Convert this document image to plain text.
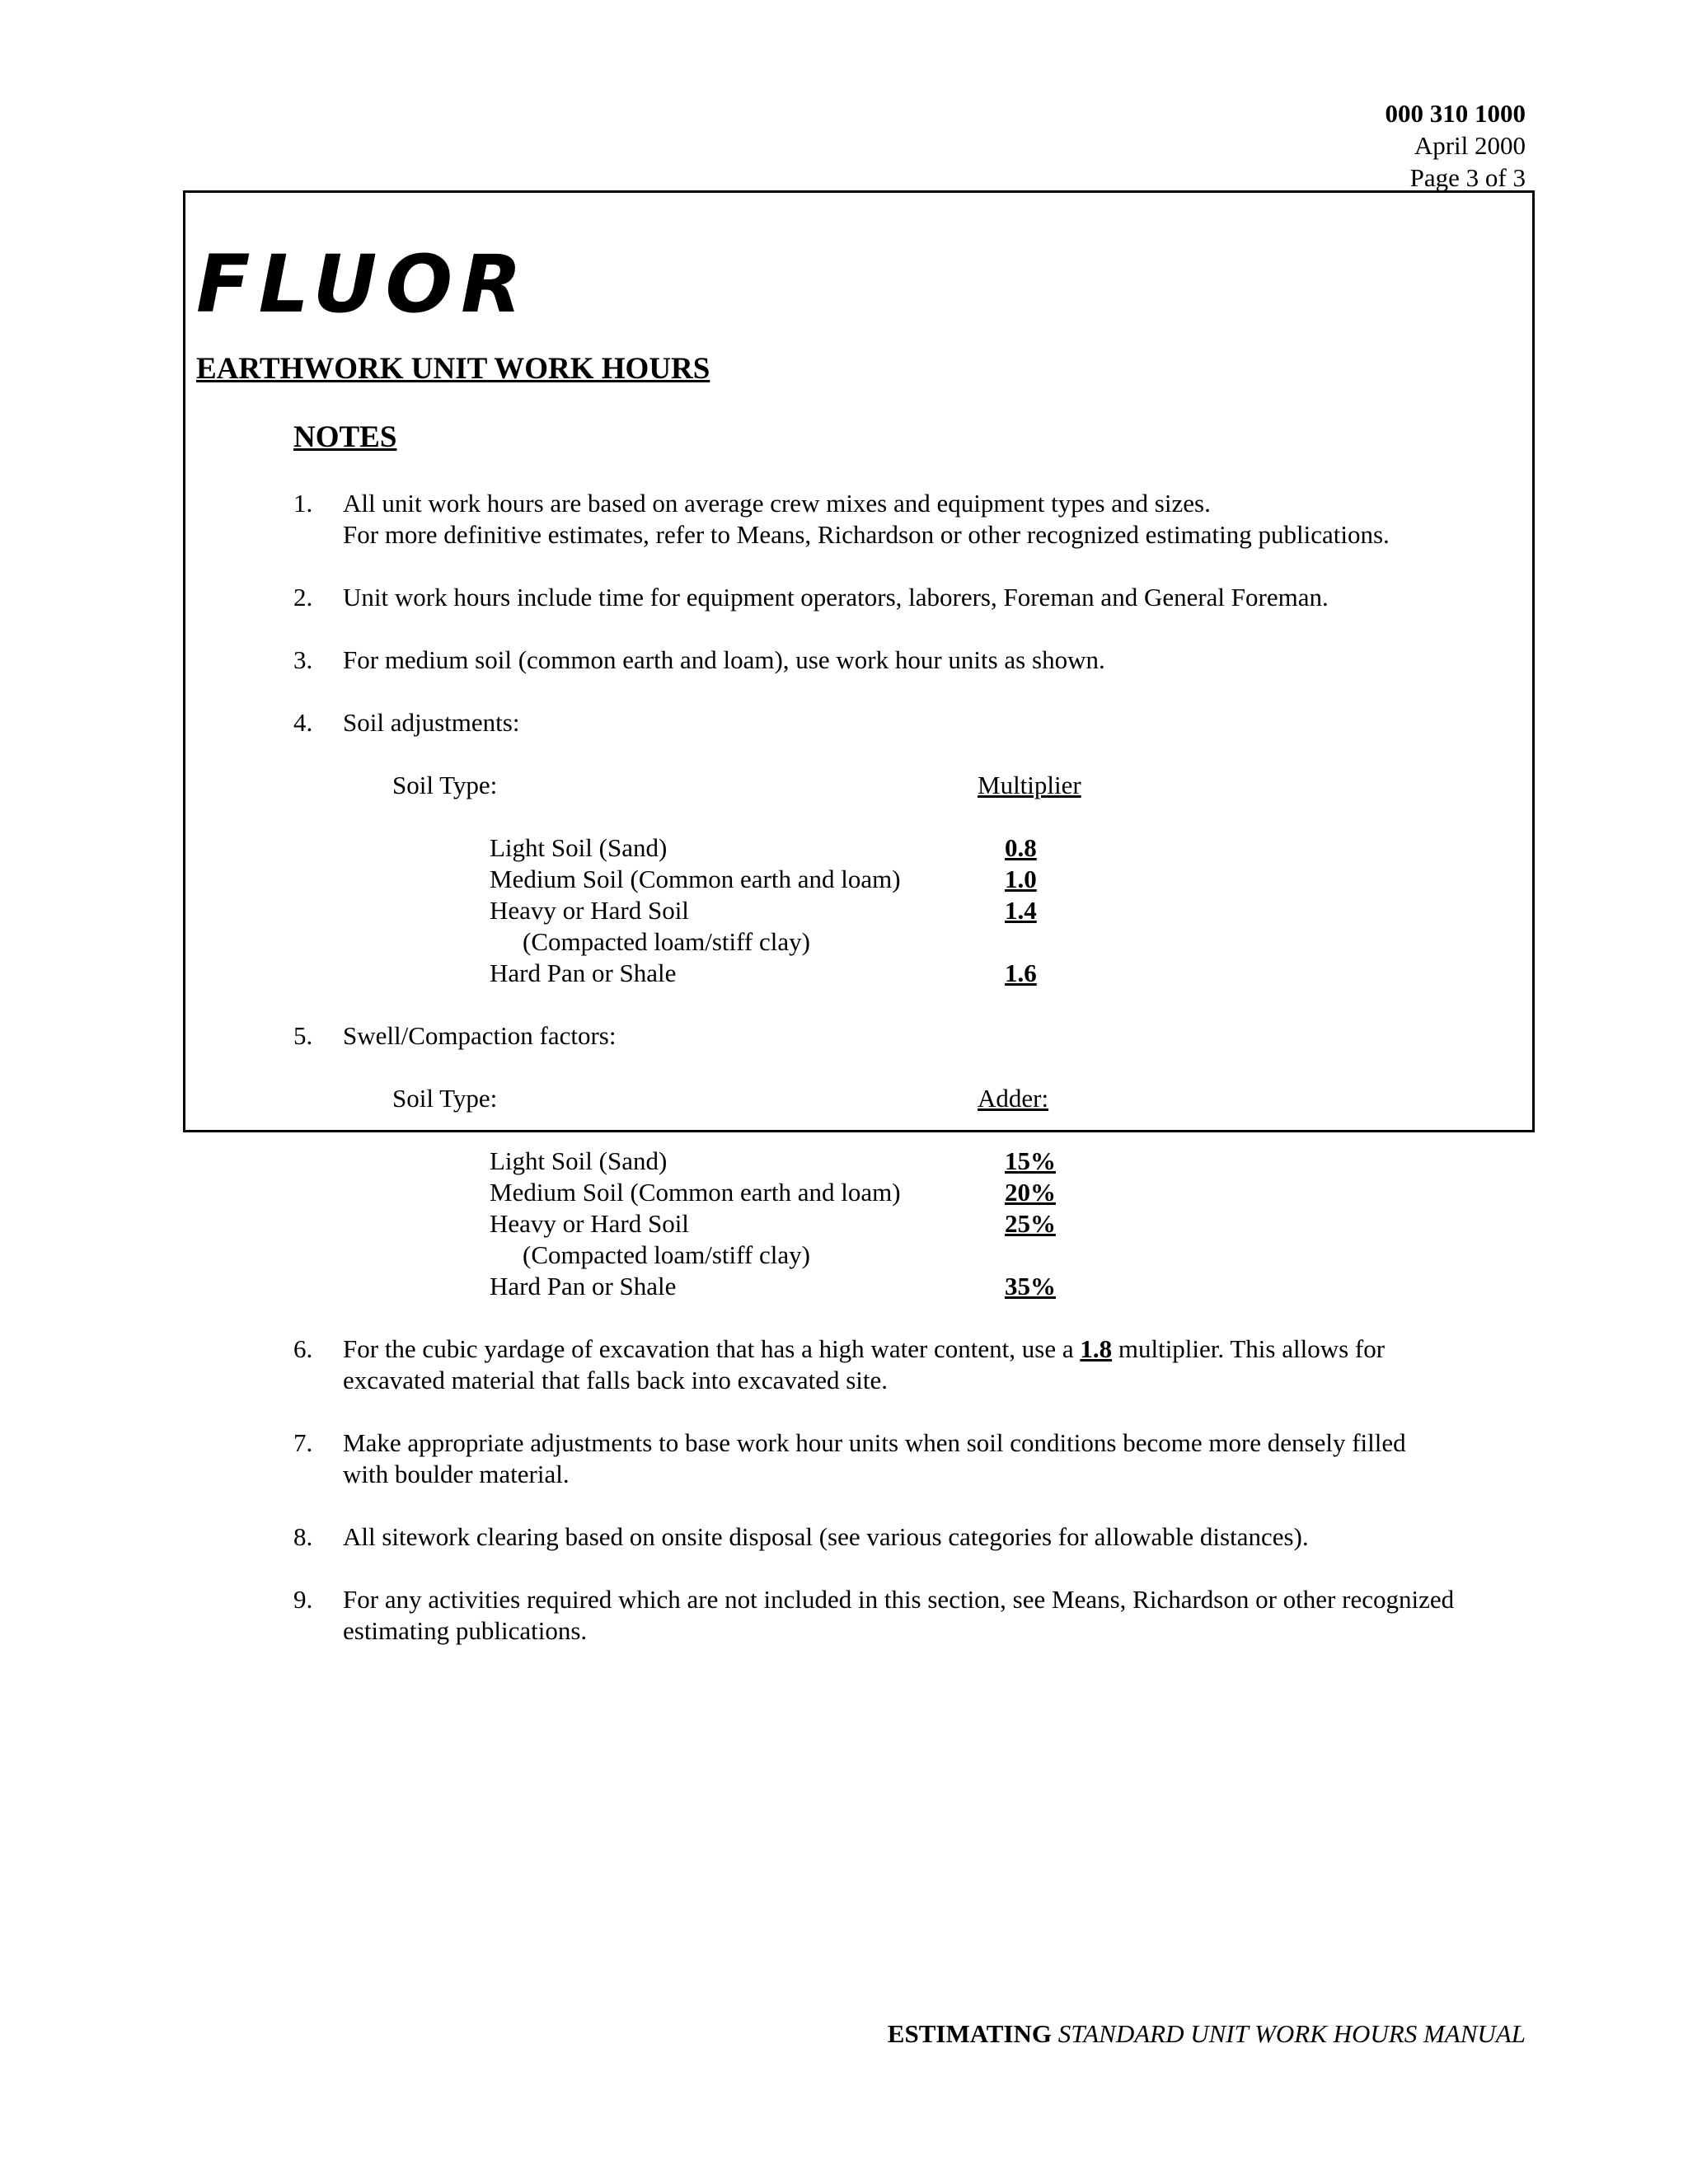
000 310 1000
April 2000
Page 3 of 3
FLUOR
EARTHWORK UNIT WORK HOURS
NOTES
1. All unit work hours are based on average crew mixes and equipment types and sizes.
For more definitive estimates, refer to Means, Richardson or other recognized estimating publications.
2. Unit work hours include time for equipment operators, laborers, Foreman and General Foreman.
3. For medium soil (common earth and loam), use work hour units as shown.
4. Soil adjustments:
Soil Type:	Multiplier
Light Soil (Sand)	0.8
Medium Soil (Common earth and loam)	1.0
Heavy or Hard Soil	1.4
(Compacted loam/stiff clay)
Hard Pan or Shale	1.6
5. Swell/Compaction factors:
Soil Type:	Adder:
Light Soil (Sand)	15%
Medium Soil (Common earth and loam)	20%
Heavy or Hard Soil	25%
(Compacted loam/stiff clay)
Hard Pan or Shale	35%
6. For the cubic yardage of excavation that has a high water content, use a 1.8 multiplier. This allows for
excavated material that falls back into excavated site.
7. Make appropriate adjustments to base work hour units when soil conditions become more densely filled
with boulder material.
8. All sitework clearing based on onsite disposal (see various categories for allowable distances).
9. For any activities required which are not included in this section, see Means, Richardson or other recognized
estimating publications.
ESTIMATING STANDARD UNIT WORK HOURS MANUAL
